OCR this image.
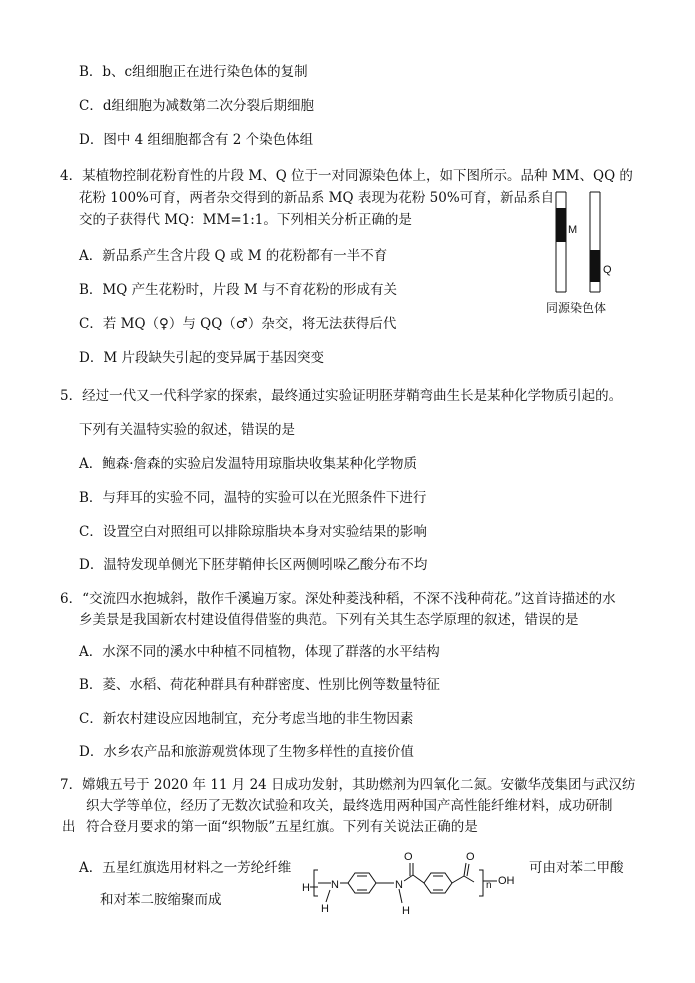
B．b、c组细胞正在进行染色体的复制
C．d组细胞为减数第二次分裂后期细胞
D．图中 4 组细胞都含有 2 个染色体组
4．某植物控制花粉育性的片段 M、Q 位于一对同源染色体上，如下图所示。品种 MM、QQ 的
花粉 100%可育，两者杂交得到的新品系 MQ 表现为花粉 50%可育，新品系自
交的子获得代 MQ：MM=1:1。下列相关分析正确的是
A．新品系产生含片段 Q 或 M 的花粉都有一半不育
B．MQ 产生花粉时，片段 M 与不育花粉的形成有关
C．若 MQ（♀）与 QQ（♂）杂交，将无法获得后代
D．M 片段缺失引起的变异属于基因突变
M
Q
同源染色体
5．经过一代又一代科学家的探索，最终通过实验证明胚芽鞘弯曲生长是某种化学物质引起的。
下列有关温特实验的叙述，错误的是
A．鲍森·詹森的实验启发温特用琼脂块收集某种化学物质
B．与拜耳的实验不同，温特的实验可以在光照条件下进行
C．设置空白对照组可以排除琼脂块本身对实验结果的影响
D．温特发现单侧光下胚芽鞘伸长区两侧吲哚乙酸分布不均
6．“交流四水抱城斜，散作千溪遍万家。深处种菱浅种稻，不深不浅种荷花。”这首诗描述的水
乡美景是我国新农村建设值得借鉴的典范。下列有关其生态学原理的叙述，错误的是
A．水深不同的溪水中种植不同植物，体现了群落的水平结构
B．菱、水稻、荷花种群具有种群密度、性别比例等数量特征
C．新农村建设应因地制宜，充分考虑当地的非生物因素
D．水乡农产品和旅游观赏体现了生物多样性的直接价值
7．嫦娥五号于 2020 年 11 月 24 日成功发射，其助燃剂为四氧化二氮。安徽华茂集团与武汉纺
织大学等单位，经历了无数次试验和攻关，最终选用两种国产高性能纤维材料，成功研制
出 符合登月要求的第一面“织物版”五星红旗。下列有关说法正确的是
A．五星红旗选用材料之一芳纶纤维	可由对苯二甲酸
和对苯二胺缩聚而成
H N
H
N
H
O	O
n OH
